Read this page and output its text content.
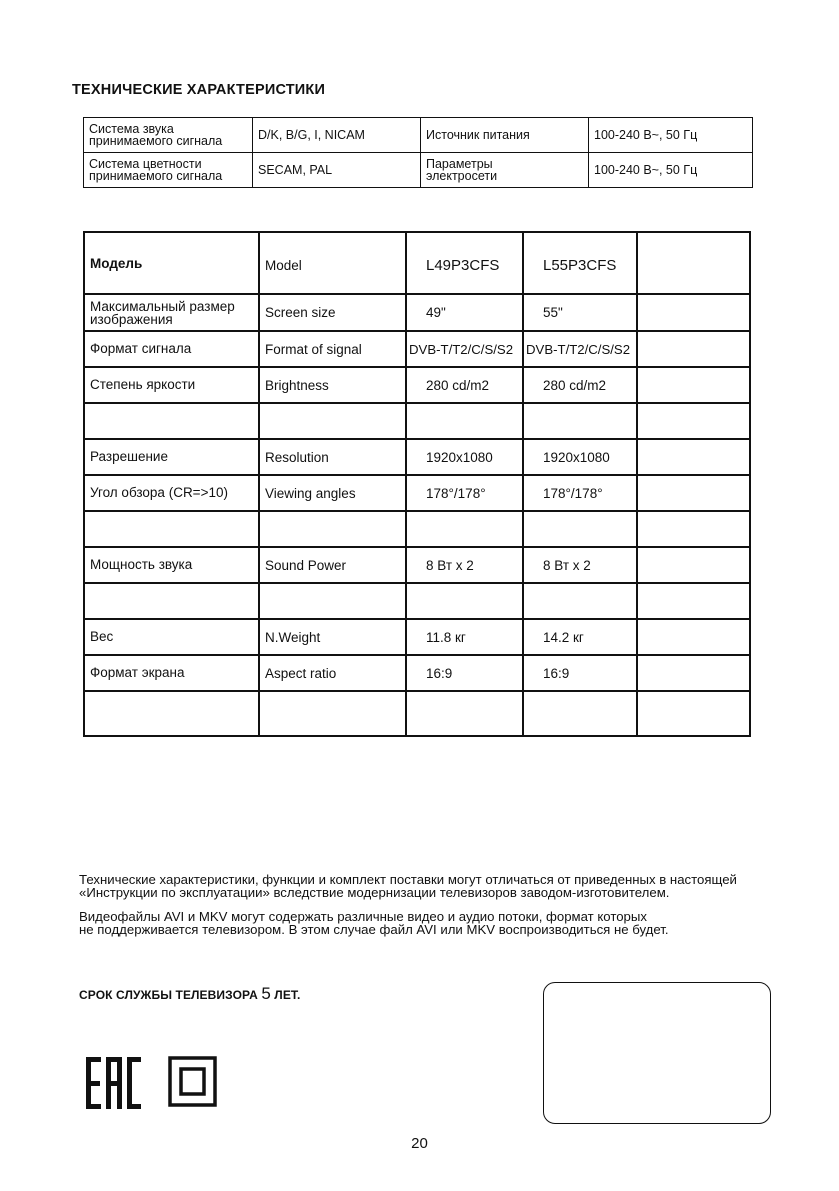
ТЕХНИЧЕСКИЕ ХАРАКТЕРИСТИКИ
Система звука
принимаемого сигнала	D/K, B/G, I, NICAM	Источник питания	100-240 В~, 50 Гц
Система цветности
принимаемого сигнала	SECAM, PAL	Параметры
электросети	100-240 В~, 50 Гц
Модель	Model	L49P3CFS	L55P3CFS	
Максимальный размер
изображения	Screen size	49"	55"	
Формат сигнала	Format of signal	DVB-T/T2/C/S/S2	DVB-T/T2/C/S/S2	
Степень яркости	Brightness	280 cd/m2	280 cd/m2	

Разрешение	Resolution	1920x1080	1920x1080	
Угол обзора (CR=>10)	Viewing angles	178°/178°	178°/178°	

Мощность звука	Sound Power	8 Вт x 2	8 Вт x 2	

Вес	N.Weight	11.8 кг	14.2 кг	
Формат экрана	Aspect ratio	16:9	16:9	

Технические характеристики, функции и комплект поставки могут отличаться от приведенных в настоящей
«Инструкции по эксплуатации» вследствие модернизации телевизоров заводом-изготовителем.
Видеофайлы AVI и MKV могут содержать различные видео и аудио потоки, формат которых
не поддерживается телевизором. В этом случае файл AVI или MKV воспроизводиться не будет.
СРОК СЛУЖБЫ ТЕЛЕВИЗОРА 5 ЛЕТ.
20
